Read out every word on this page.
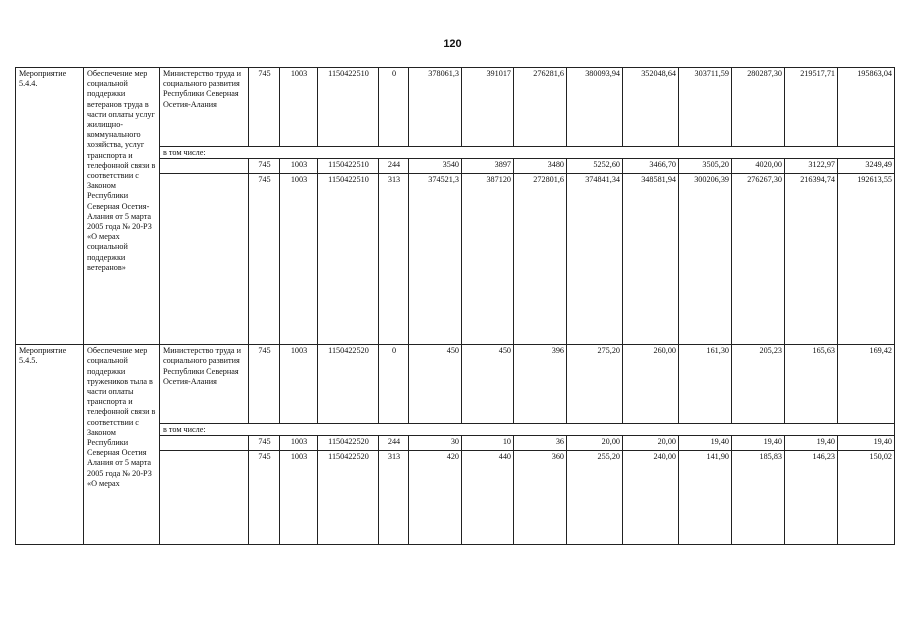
120
Мероприятие 5.4.4.	Обеспечение мер социальной поддержки ветеранов труда в части оплаты услуг жилищно-коммунального хозяйства, услуг транспорта и телефонной связи в соответствии с Законом Республики Северная Осетия-Алания от 5 марта 2005 года № 20-РЗ «О мерах социальной поддержки ветеранов»	Министерство труда и социального развития Республики Северная Осетия-Алания	745	1003	1150422510	0	378061,3	391017	276281,6	380093,94	352048,64	303711,59	280287,30	219517,71	195863,04
		в том числе:													
			745	1003	1150422510	244	3540	3897	3480	5252,60	3466,70	3505,20	4020,00	3122,97	3249,49
			745	1003	1150422510	313	374521,3	387120	272801,6	374841,34	348581,94	300206,39	276267,30	216394,74	192613,55
Мероприятие 5.4.5.	Обеспечение мер социальной поддержки тружеников тыла в части оплаты транспорта и телефонной связи в соответствии с Законом Республики Северная Осетия Алания от 5 марта 2005 года № 20-РЗ «О мерах	Министерство труда и социального развития Республики Северная Осетия-Алания	745	1003	1150422520	0	450	450	396	275,20	260,00	161,30	205,23	165,63	169,42
		в том числе:													
			745	1003	1150422520	244	30	10	36	20,00	20,00	19,40	19,40	19,40	19,40
			745	1003	1150422520	313	420	440	360	255,20	240,00	141,90	185,83	146,23	150,02
